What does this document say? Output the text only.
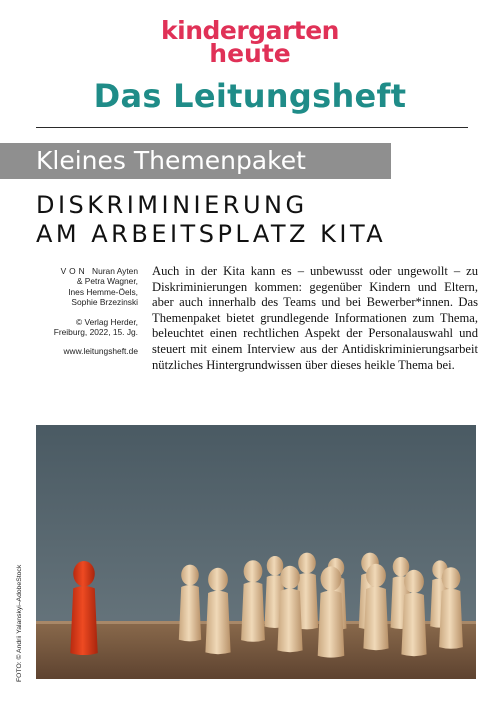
kindergarten
heute
Das Leitungsheft
Kleines Themenpaket
DISKRIMINIERUNG
AM ARBEITSPLATZ KITA

VON Nuran Ayten

& Petra Wagner,

Ines Hemme-Öels,

Sophie Brzezinski

© Verlag Herder,

Freiburg, 2022, 15. Jg.

www.leitungsheft.de

Auch in der Kita kann es – unbewusst oder ungewollt – zu Diskriminierungen kommen: gegenüber Kindern und Eltern, aber auch innerhalb des Teams und bei Bewerber*innen. Das Themenpaket bietet grundlegende Informationen zum Thema, beleuchtet einen rechtlichen Aspekt der Personalauswahl und steuert mit einem Interview aus der Antidiskriminierungsarbeit nützliches Hintergrundwissen über dieses heikle Thema bei.
FOTO: © Andrii Yalanskyi–AdobeStock
